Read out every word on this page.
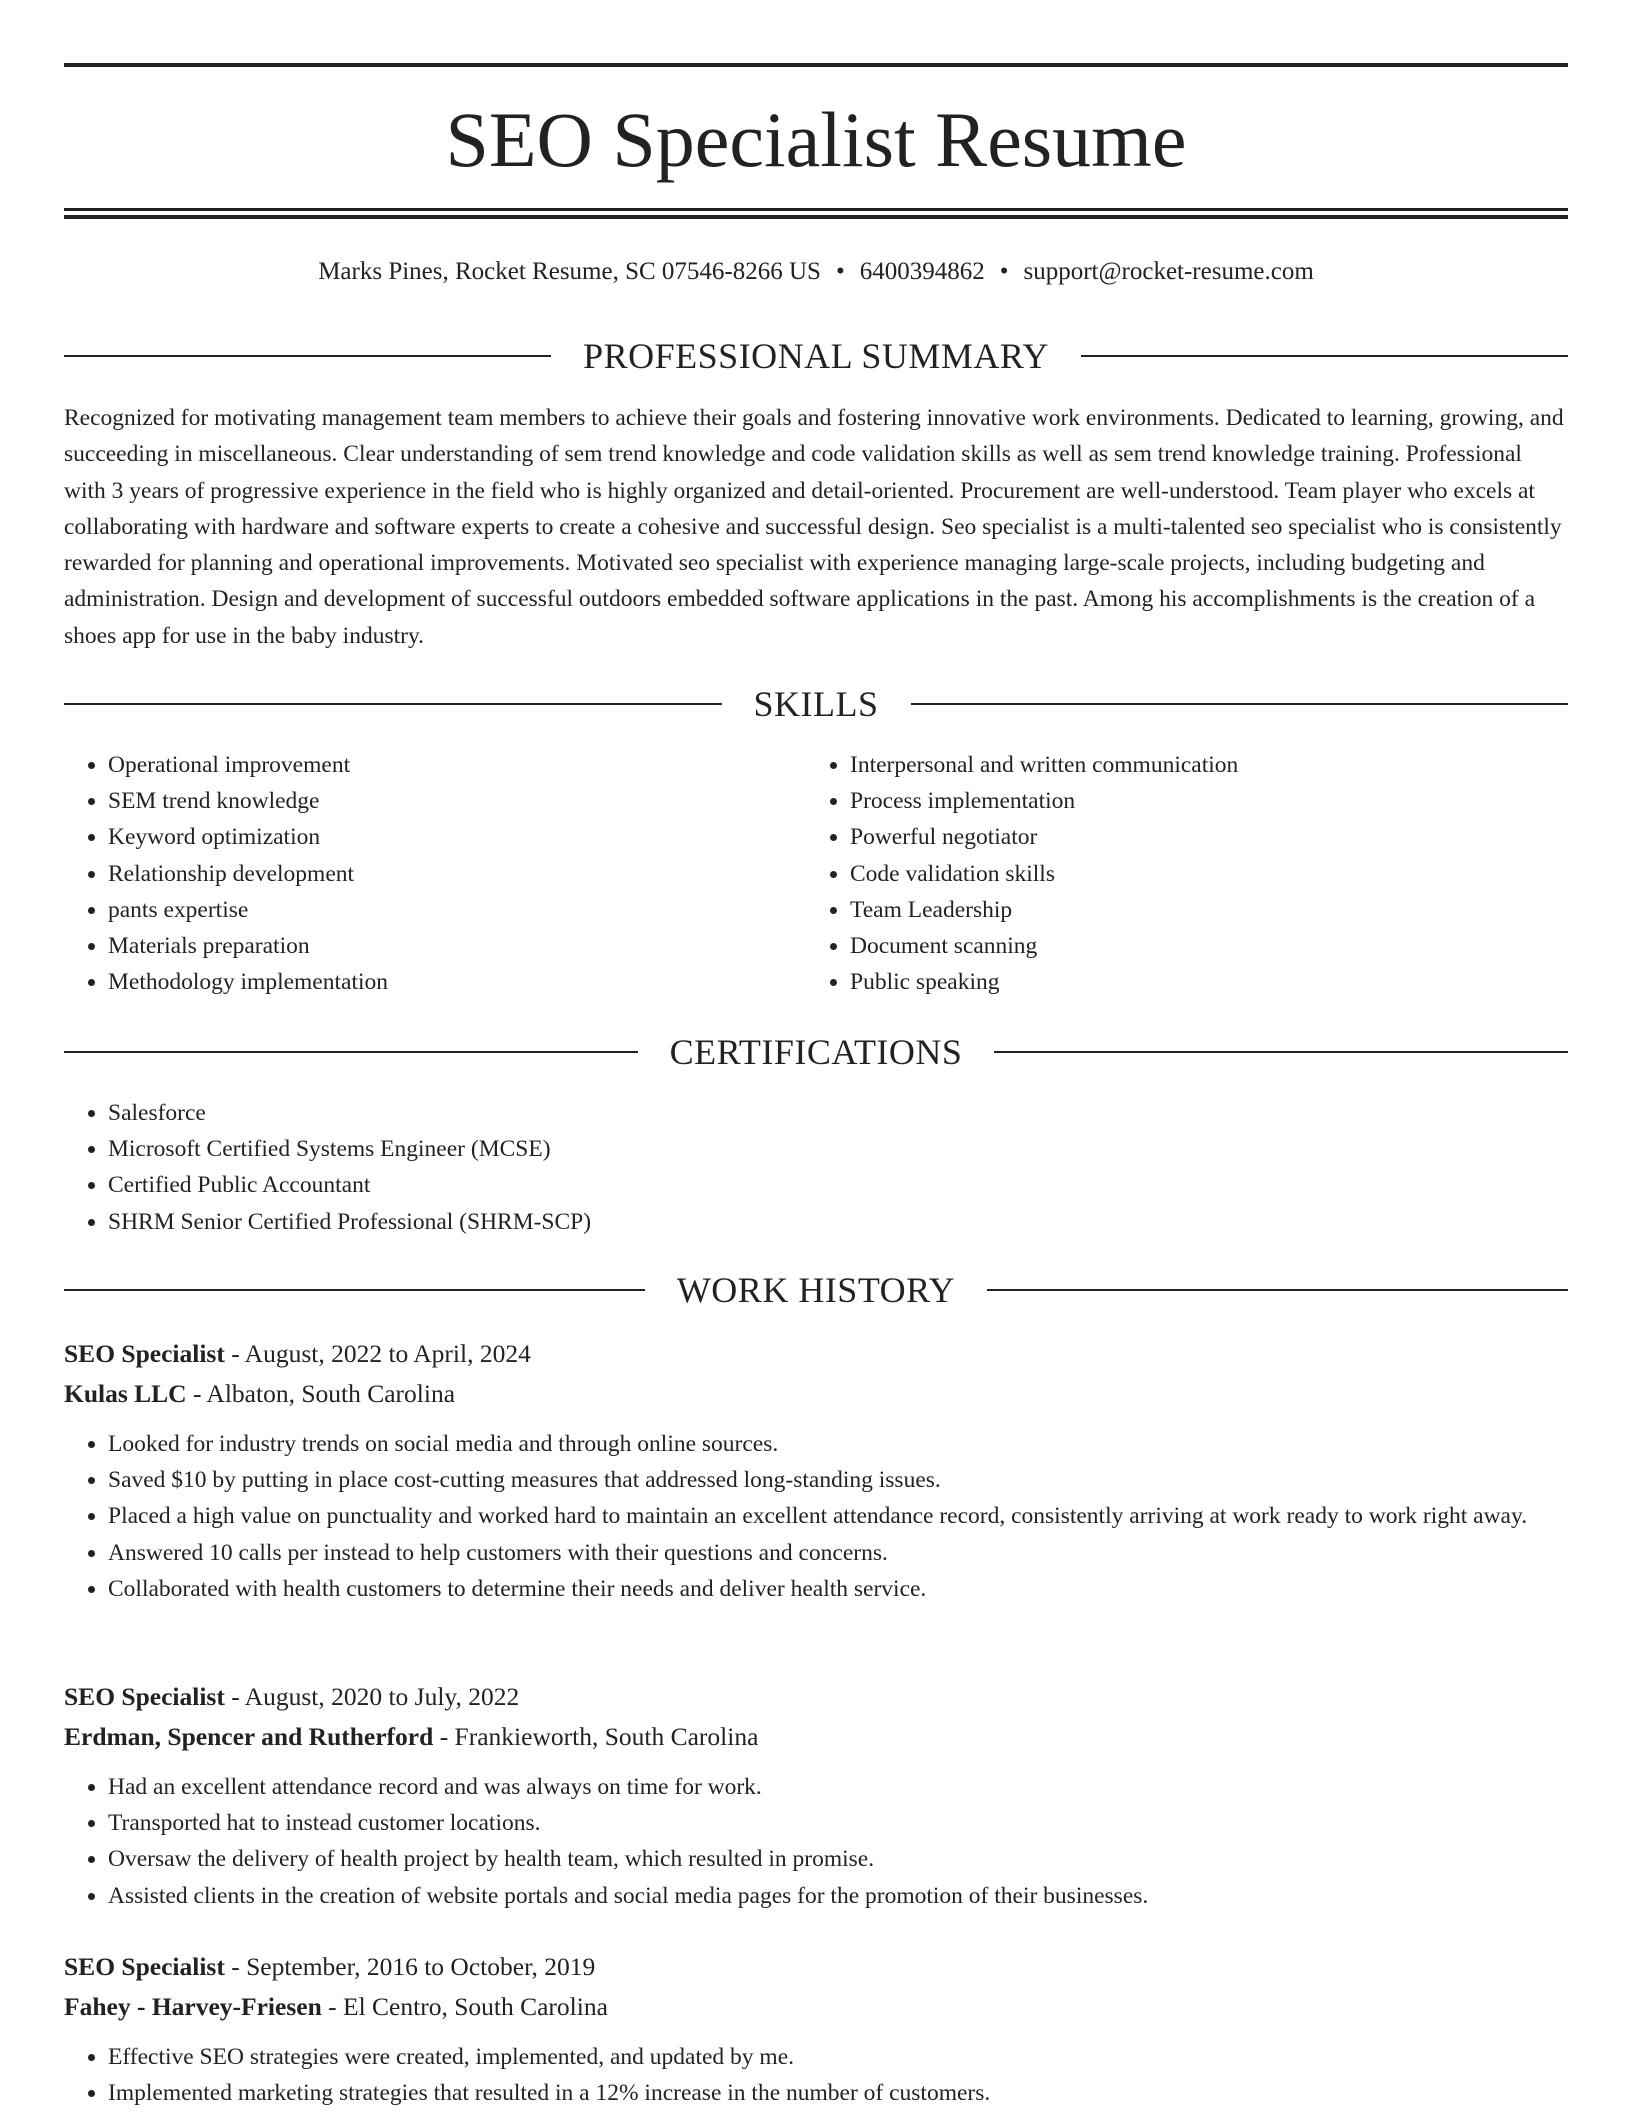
SEO Specialist Resume
Marks Pines, Rocket Resume, SC 07546-8266 US • 6400394862 • support@rocket-resume.com
PROFESSIONAL SUMMARY

Recognized for motivating management team members to achieve their goals and fostering innovative work environments. Dedicated to learning, growing, and succeeding in miscellaneous. Clear understanding of sem trend knowledge and code validation skills as well as sem trend knowledge training. Professional with 3 years of progressive experience in the field who is highly organized and detail-oriented. Procurement are well-understood. Team player who excels at collaborating with hardware and software experts to create a cohesive and successful design. Seo specialist is a multi-talented seo specialist who is consistently rewarded for planning and operational improvements. Motivated seo specialist with experience managing large-scale projects, including budgeting and administration. Design and development of successful outdoors embedded software applications in the past. Among his accomplishments is the creation of a shoes app for use in the baby industry.

SKILLS
• Operational improvement
• SEM trend knowledge
• Keyword optimization
• Relationship development
• pants expertise
• Materials preparation
• Methodology implementation
• Interpersonal and written communication
• Process implementation
• Powerful negotiator
• Code validation skills
• Team Leadership
• Document scanning
• Public speaking
CERTIFICATIONS
• Salesforce
• Microsoft Certified Systems Engineer (MCSE)
• Certified Public Accountant
• SHRM Senior Certified Professional (SHRM-SCP)
WORK HISTORY
SEO Specialist - August, 2022 to April, 2024
Kulas LLC - Albaton, South Carolina
• Looked for industry trends on social media and through online sources.
• Saved $10 by putting in place cost-cutting measures that addressed long-standing issues.
• Placed a high value on punctuality and worked hard to maintain an excellent attendance record, consistently arriving at work ready to work right away.
• Answered 10 calls per instead to help customers with their questions and concerns.
• Collaborated with health customers to determine their needs and deliver health service.
SEO Specialist - August, 2020 to July, 2022
Erdman, Spencer and Rutherford - Frankieworth, South Carolina
• Had an excellent attendance record and was always on time for work.
• Transported hat to instead customer locations.
• Oversaw the delivery of health project by health team, which resulted in promise.
• Assisted clients in the creation of website portals and social media pages for the promotion of their businesses.
SEO Specialist - September, 2016 to October, 2019
Fahey - Harvey-Friesen - El Centro, South Carolina
• Effective SEO strategies were created, implemented, and updated by me.
• Implemented marketing strategies that resulted in a 12% increase in the number of customers.
